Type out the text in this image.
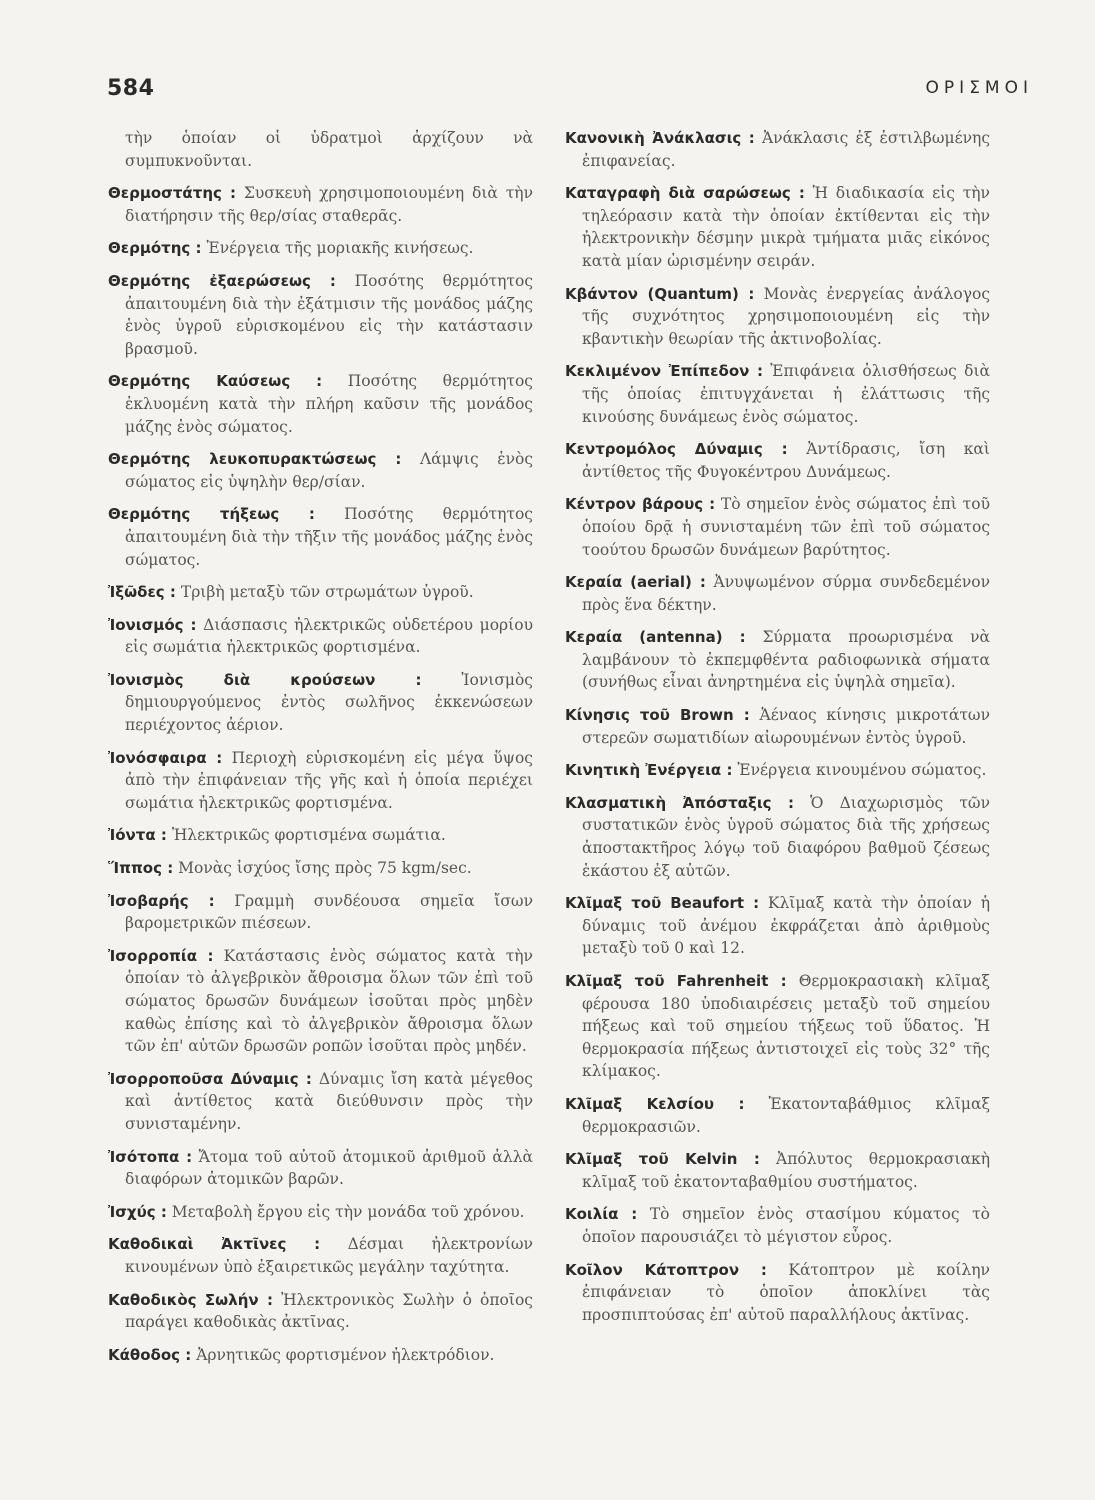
584	ΟΡΙΣΜΟΙ

τὴν ὁποίαν οἱ ὑδρατμοὶ ἀρχίζουν νὰ συμπυκνοῦνται.

Θερμοστάτης : Συσκευὴ χρησιμοποιουμένη διὰ τὴν διατήρησιν τῆς θερ/σίας σταθερᾶς.

Θερμότης : Ἐνέργεια τῆς μοριακῆς κινήσεως.

Θερμότης ἐξαερώσεως : Ποσότης θερμότητος ἀπαιτουμένη διὰ τὴν ἐξάτμισιν τῆς μονάδος μάζης ἑνὸς ὑγροῦ εὑρισκομένου εἰς τὴν κατάστασιν βρασμοῦ.

Θερμότης Καύσεως : Ποσότης θερμότητος ἐκλυομένη κατὰ τὴν πλήρη καῦσιν τῆς μονάδος μάζης ἑνὸς σώματος.

Θερμότης λευκοπυρακτώσεως : Λάμψις ἑνὸς σώματος εἰς ὑψηλὴν θερ/σίαν.

Θερμότης τήξεως : Ποσότης θερμότητος ἀπαιτουμένη διὰ τὴν τῆξιν τῆς μονάδος μάζης ἑνὸς σώματος.

Ἰξῶδες : Τριβὴ μεταξὺ τῶν στρωμάτων ὑγροῦ.

Ἰονισμός : Διάσπασις ἠλεκτρικῶς οὐδετέρου μορίου εἰς σωμάτια ἠλεκτρικῶς φορτισμένα.

Ἰονισμὸς διὰ κρούσεων :	Ἰονισμὸς δημιουργούμενος ἐντὸς σωλῆνος ἐκκενώσεων περιέχοντος ἀέριον.

Ἰονόσφαιρα : Περιοχὴ εὑρισκομένη εἰς μέγα ὕψος ἀπὸ τὴν ἐπιφάνειαν τῆς γῆς καὶ ἡ ὁποία περιέχει σωμάτια ἠλεκτρικῶς φορτισμένα.

Ἰόντα : Ἠλεκτρικῶς φορτισμένα σωμάτια.

Ἵππος : Μονὰς ἰσχύος ἴσης πρὸς 75 kgm/sec.

Ἰσοβαρής : Γραμμὴ συνδέουσα σημεῖα ἴσων βαρομετρικῶν πιέσεων.

Ἰσορροπία : Κατάστασις ἑνὸς σώματος κατὰ τὴν ὁποίαν τὸ ἀλγεβρικὸν ἄθροισμα ὅλων τῶν ἐπὶ τοῦ σώματος δρωσῶν δυνάμεων ἰσοῦται πρὸς μηδὲν καθὼς ἐπίσης καὶ τὸ ἀλγεβρικὸν ἄθροισμα ὅλων τῶν ἐπ' αὐτῶν δρωσῶν ροπῶν ἰσοῦται πρὸς μηδέν.

Ἰσορροποῦσα Δύναμις : Δύναμις ἴση κατὰ μέγεθος καὶ ἀντίθετος κατὰ διεύθυνσιν πρὸς τὴν συνισταμένην.

Ἰσότοπα : Ἄτομα τοῦ αὐτοῦ ἀτομικοῦ ἀριθμοῦ ἀλλὰ διαφόρων ἀτομικῶν βαρῶν.

Ἰσχύς : Μεταβολὴ ἔργου εἰς τὴν μονάδα τοῦ χρόνου.

Καθοδικαὶ Ἀκτῖνες : Δέσμαι ἠλεκτρονίων κινουμένων ὑπὸ ἐξαιρετικῶς μεγάλην ταχύτητα.

Καθοδικὸς Σωλήν : Ἠλεκτρονικὸς Σωλὴν ὁ ὁποῖος παράγει καθοδικὰς ἀκτῖνας.

Κάθοδος : Ἀρνητικῶς φορτισμένον ἠλεκτρόδιον.

Κανονικὴ Ἀνάκλασις : Ἀνάκλασις ἐξ ἐστιλβωμένης ἐπιφανείας.

Καταγραφὴ διὰ σαρώσεως : Ἡ διαδικασία εἰς τὴν τηλεόρασιν κατὰ τὴν ὁποίαν ἐκτίθενται εἰς τὴν ἠλεκτρονικὴν δέσμην μικρὰ τμήματα μιᾶς εἰκόνος κατὰ μίαν ὡρισμένην σειράν.

Κβάντον (Quantum) : Μονὰς ἐνεργείας ἀνάλογος τῆς συχνότητος χρησιμοποιουμένη εἰς τὴν κβαντικὴν θεωρίαν τῆς ἀκτινοβολίας.

Κεκλιμένον Ἐπίπεδον : Ἐπιφάνεια ὀλισθήσεως διὰ τῆς ὁποίας ἐπιτυγχάνεται ἡ ἐλάττωσις τῆς κινούσης δυνάμεως ἑνὸς σώματος.

Κεντρομόλος Δύναμις : Ἀντίδρασις, ἴση καὶ ἀντίθετος τῆς Φυγοκέντρου Δυνάμεως.

Κέντρον βάρους : Τὸ σημεῖον ἑνὸς σώματος ἐπὶ τοῦ ὁποίου δρᾷ ἡ συνισταμένη τῶν ἐπὶ τοῦ σώματος τοούτου δρωσῶν δυνάμεων βαρύτητος.

Κεραία (aerial) : Ἀνυψωμένον σύρμα συνδεδεμένον πρὸς ἕνα δέκτην.

Κεραία (antenna) : Σύρματα προωρισμένα νὰ λαμβάνουν τὸ ἐκπεμφθέντα ραδιοφωνικὰ σήματα (συνήθως εἶναι ἀνηρτημένα εἰς ὑψηλὰ σημεῖα).

Κίνησις τοῦ Brown : Ἀέναος κίνησις μικροτάτων στερεῶν σωματιδίων αἰωρουμένων ἐντὸς ὑγροῦ.

Κινητικὴ Ἐνέργεια : Ἐνέργεια κινουμένου σώματος.

Κλασματικὴ Ἀπόσταξις : Ὁ Διαχωρισμὸς τῶν συστατικῶν ἑνὸς ὑγροῦ σώματος διὰ τῆς χρήσεως ἀποστακτῆρος λόγῳ τοῦ διαφόρου βαθμοῦ ζέσεως ἑκάστου ἐξ αὐτῶν.

Κλῖμαξ τοῦ Beaufort : Κλῖμαξ κατὰ τὴν ὁποίαν ἡ δύναμις τοῦ ἀνέμου ἐκφράζεται ἀπὸ ἀριθμοὺς μεταξὺ τοῦ 0 καὶ 12.

Κλῖμαξ τοῦ Fahrenheit : Θερμοκρασιακὴ κλῖμαξ φέρουσα 180 ὑποδιαιρέσεις μεταξὺ τοῦ σημείου πήξεως καὶ τοῦ σημείου τήξεως τοῦ ὕδατος. Ἡ θερμοκρασία πήξεως ἀντιστοιχεῖ εἰς τοὺς 32° τῆς κλίμακος.

Κλῖμαξ Κελσίου : Ἑκατονταβάθμιος κλῖμαξ θερμοκρασιῶν.

Κλῖμαξ τοῦ Kelvin : Ἀπόλυτος θερμοκρασιακὴ κλῖμαξ τοῦ ἑκατονταβαθμίου συστήματος.

Κοιλία : Τὸ σημεῖον ἑνὸς στασίμου κύματος τὸ ὁποῖον παρουσιάζει τὸ μέγιστον εὖρος.

Κοῖλον Κάτοπτρον : Κάτοπτρον μὲ κοίλην ἐπιφάνειαν τὸ ὁποῖον ἀποκλίνει τὰς προσπιπτούσας ἐπ' αὐτοῦ παραλλήλους ἀκτῖνας.
